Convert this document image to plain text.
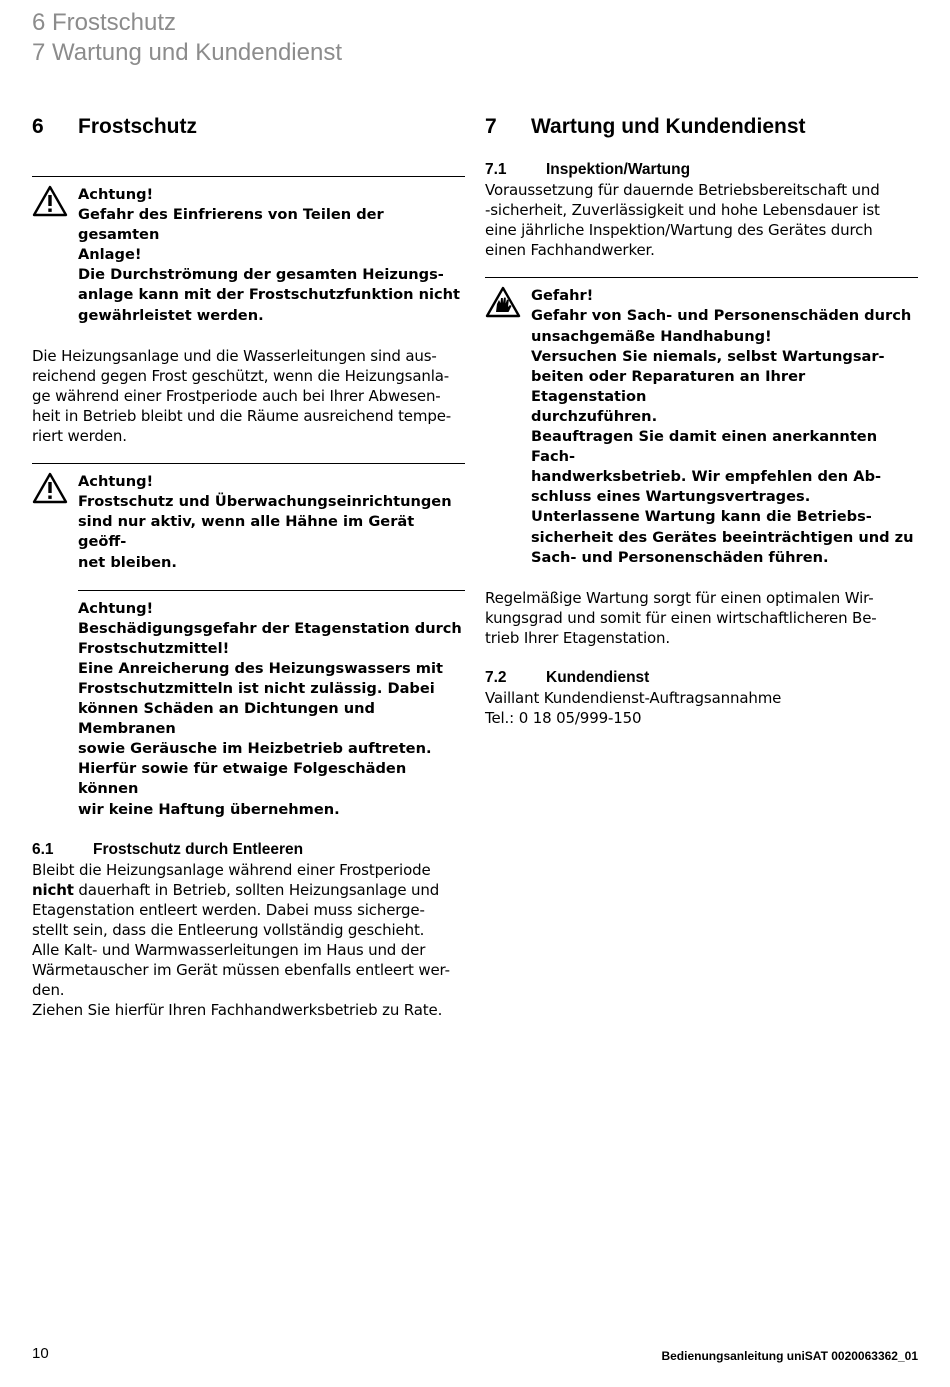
6 Frostschutz
7 Wartung und Kundendienst
6	Frostschutz
Achtung!
Gefahr des Einfrierens von Teilen der gesamten
Anlage!
Die Durchströmung der gesamten Heizungs-
anlage kann mit der Frostschutzfunktion nicht
gewährleistet werden.
Die Heizungsanlage und die Wasserleitungen sind aus-
reichend gegen Frost geschützt, wenn die Heizungsanla-
ge während einer Frostperiode auch bei Ihrer Abwesen-
heit in Betrieb bleibt und die Räume ausreichend tempe-
riert werden.
Achtung!
Frostschutz und Überwachungseinrichtungen
sind nur aktiv, wenn alle Hähne im Gerät geöff-
net bleiben.
Achtung!
Beschädigungsgefahr der Etagenstation durch
Frostschutzmittel!
Eine Anreicherung des Heizungswassers mit
Frostschutzmitteln ist nicht zulässig. Dabei
können Schäden an Dichtungen und Membranen
sowie Geräusche im Heizbetrieb auftreten.
Hierfür sowie für etwaige Folgeschäden können
wir keine Haftung übernehmen.
6.1	Frostschutz durch Entleeren
Bleibt die Heizungsanlage während einer Frostperiode
nicht dauerhaft in Betrieb, sollten Heizungsanlage und
Etagenstation entleert werden. Dabei muss sicherge-
stellt sein, dass die Entleerung vollständig geschieht.
Alle Kalt- und Warmwasserleitungen im Haus und der
Wärmetauscher im Gerät müssen ebenfalls entleert wer-
den.
Ziehen Sie hierfür Ihren Fachhandwerksbetrieb zu Rate.
7	Wartung und Kundendienst
7.1	Inspektion/Wartung
Voraussetzung für dauernde Betriebsbereitschaft und
-sicherheit, Zuverlässigkeit und hohe Lebensdauer ist
eine jährliche Inspektion/Wartung des Gerätes durch
einen Fachhandwerker.
Gefahr!
Gefahr von Sach- und Personenschäden durch
unsachgemäße Handhabung!
Versuchen Sie niemals, selbst Wartungsar-
beiten oder Reparaturen an Ihrer Etagenstation
durchzuführen.
Beauftragen Sie damit einen anerkannten Fach-
handwerksbetrieb. Wir empfehlen den Ab-
schluss eines Wartungsvertrages.
Unterlassene Wartung kann die Betriebs-
sicherheit des Gerätes beeinträchtigen und zu
Sach- und Personenschäden führen.
Regelmäßige Wartung sorgt für einen optimalen Wir-
kungsgrad und somit für einen wirtschaftlicheren Be-
trieb Ihrer Etagenstation.
7.2	Kundendienst
Vaillant Kundendienst-Auftragsannahme
Tel.: 0 18 05/999-150
10	Bedienungsanleitung uniSAT 0020063362_01
